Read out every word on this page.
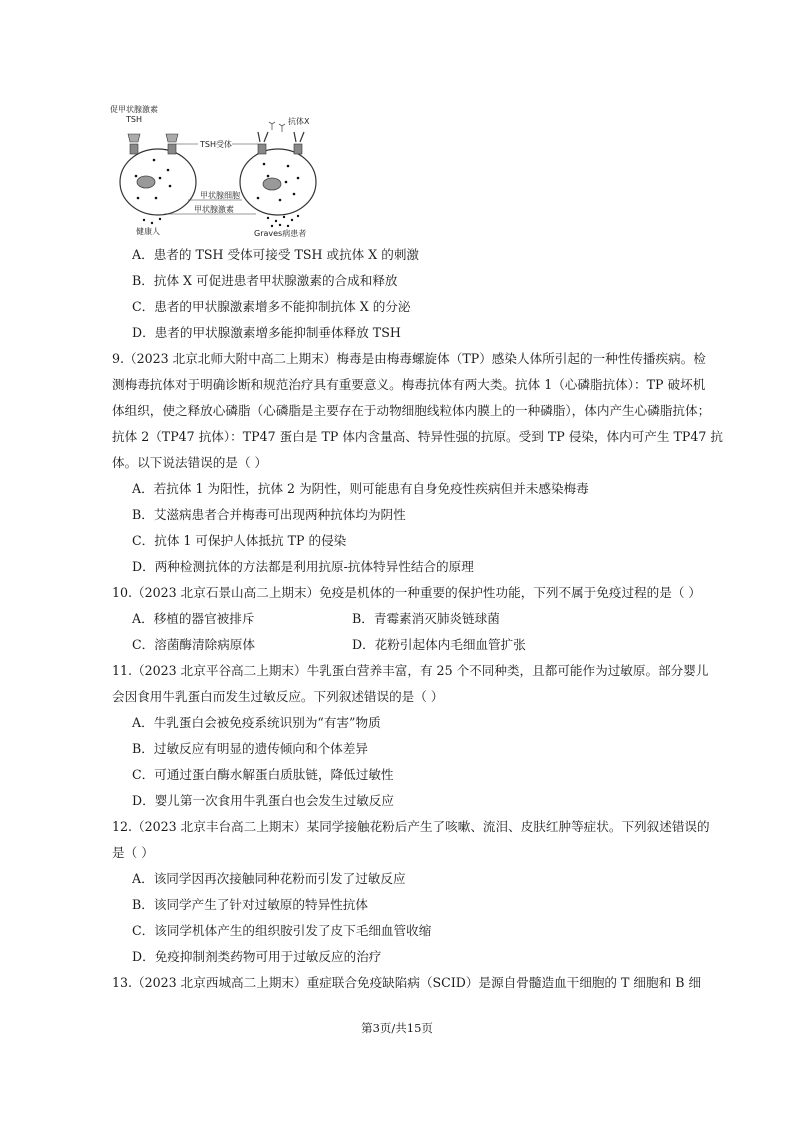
促甲状腺激素
TSH	抗体X
健康人	Graves病患者
TSH受体
甲状腺细胞
甲状腺激素
A．患者的 TSH 受体可接受 TSH 或抗体 X 的刺激
B．抗体 X 可促进患者甲状腺激素的合成和释放
C．患者的甲状腺激素增多不能抑制抗体 X 的分泌
D．患者的甲状腺激素增多能抑制垂体释放 TSH
9.（2023 北京北师大附中高二上期末）梅毒是由梅毒螺旋体（TP）感染人体所引起的一种性传播疾病。检
测梅毒抗体对于明确诊断和规范治疗具有重要意义。梅毒抗体有两大类。抗体 1（心磷脂抗体）：TP 破坏机
体组织，使之释放心磷脂（心磷脂是主要存在于动物细胞线粒体内膜上的一种磷脂），体内产生心磷脂抗体；
抗体 2（TP47 抗体）：TP47 蛋白是 TP 体内含量高、特异性强的抗原。受到 TP 侵染，体内可产生 TP47 抗
体。以下说法错误的是（ ）
A．若抗体 1 为阳性，抗体 2 为阴性，则可能患有自身免疫性疾病但并未感染梅毒
B．艾滋病患者合并梅毒可出现两种抗体均为阴性
C．抗体 1 可保护人体抵抗 TP 的侵染
D．两种检测抗体的方法都是利用抗原-抗体特异性结合的原理
10.（2023 北京石景山高二上期末）免疫是机体的一种重要的保护性功能，下列不属于免疫过程的是（ ）
A．移植的器官被排斥	B．青霉素消灭肺炎链球菌
C．溶菌酶清除病原体	D．花粉引起体内毛细血管扩张
11.（2023 北京平谷高二上期末）牛乳蛋白营养丰富，有 25 个不同种类，且都可能作为过敏原。部分婴儿
会因食用牛乳蛋白而发生过敏反应。下列叙述错误的是（ ）
A．牛乳蛋白会被免疫系统识别为“有害”物质
B．过敏反应有明显的遗传倾向和个体差异
C．可通过蛋白酶水解蛋白质肽链，降低过敏性
D．婴儿第一次食用牛乳蛋白也会发生过敏反应
12.（2023 北京丰台高二上期末）某同学接触花粉后产生了咳嗽、流泪、皮肤红肿等症状。下列叙述错误的
是（ ）
A．该同学因再次接触同种花粉而引发了过敏反应
B．该同学产生了针对过敏原的特异性抗体
C．该同学机体产生的组织胺引发了皮下毛细血管收缩
D．免疫抑制剂类药物可用于过敏反应的治疗
13.（2023 北京西城高二上期末）重症联合免疫缺陷病（SCID）是源自骨髓造血干细胞的 T 细胞和 B 细
第3页/共15页
